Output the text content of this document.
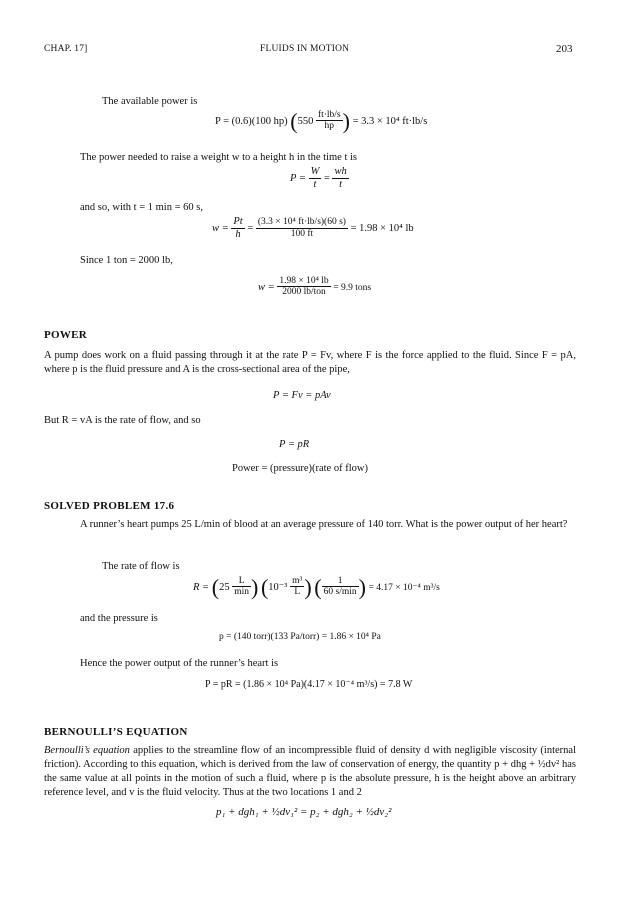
CHAP. 17]	FLUIDS IN MOTION	203
The available power is
P = (0.6)(100 hp) ($550 \frac{ft\cdot lb/s}{hp}$ ) = 3.3 × 10⁴ ft·lb/s
The power needed to raise a weight w to a height h in the time t is
$P = \frac{W}{t} = \frac{wh}{t}$
and so, with t = 1 min = 60 s,
$w = \frac{Pt}{h} = \frac{\text{(3.3 × 10⁴ ft·lb/s)(60 s)}}{100 ft} = 1.98 \times 10^4$ lb
Since 1 ton = 2000 lb,
$w = \frac{\text{1.98 × 10⁴ lb}}{\text{2000 lb/ton}} = 9.9$ tons
POWER
A pump does work on a fluid passing through it at the rate P = Fv, where F is the force applied to the fluid. Since F = pA, where p is the fluid pressure and A is the cross-sectional area of the pipe,
P = Fv = pAv
But R = vA is the rate of flow, and so
P = pR
Power = (pressure)(rate of flow)
SOLVED PROBLEM 17.6
A runner’s heart pumps 25 L/min of blood at an average pressure of 140 torr. What is the power output of her heart?
The rate of flow is
$R = (25 \frac{L}{\min}$ ) ($10^{-3} \frac{\text{m³}}{L}$ ) ( $\frac{1}{60 s/\min}$ ) = 4.17 × 10⁻⁴ m³/s
and the pressure is
p = (140 torr)(133 Pa/torr) = 1.86 × 10⁴ Pa
Hence the power output of the runner’s heart is
P = pR = (1.86 × 10⁴ Pa)(4.17 × 10⁻⁴ m³/s) = 7.8 W
BERNOULLI’S EQUATION
Bernoulli’s equation applies to the streamline flow of an incompressible fluid of density d with negligible viscosity (internal friction). According to this equation, which is derived from the law of conservation of energy, the quantity p + dhg + ½dv² has the same value at all points in the motion of such a fluid, where p is the absolute pressure, h is the height above an arbitrary reference level, and v is the fluid velocity. Thus at the two locations 1 and 2
p₁ + dgh₁ + ½dv₁² = p₂ + dgh₂ + ½dv₂²
